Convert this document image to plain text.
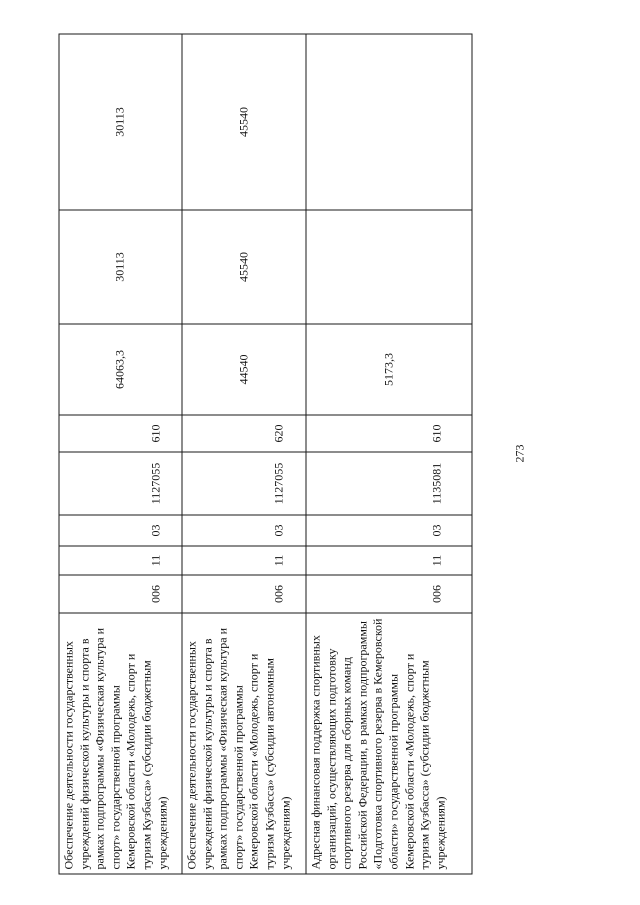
273
Обеспечение деятельности государственных учреждений физической культуры и спорта в рамках подпрограммы «Физическая культура и спорт» государственной программы Кемеровской области «Молодежь, спорт и туризм Кузбасса» (субсидии бюджетным учреждениям)	006	11	03	1127055	610	64063,3	30113	30113

Обеспечение деятельности государственных учреждений физической культуры и спорта в рамках подпрограммы «Физическая культура и спорт» государственной программы Кемеровской области «Молодежь, спорт и туризм Кузбасса» (субсидии автономным учреждениям)	006	11	03	1127055	620	44540	45540	45540

Адресная финансовая поддержка спортивных организаций, осуществляющих подготовку спортивного резерва для сборных команд Российской Федерации, в рамках подпрограммы «Подготовка спортивного резерва в Кемеровской области» государственной программы Кемеровской области «Молодежь, спорт и туризм Кузбасса» (субсидии бюджетным учреждениям)	006	11	03	1135081	610	5173,3		
